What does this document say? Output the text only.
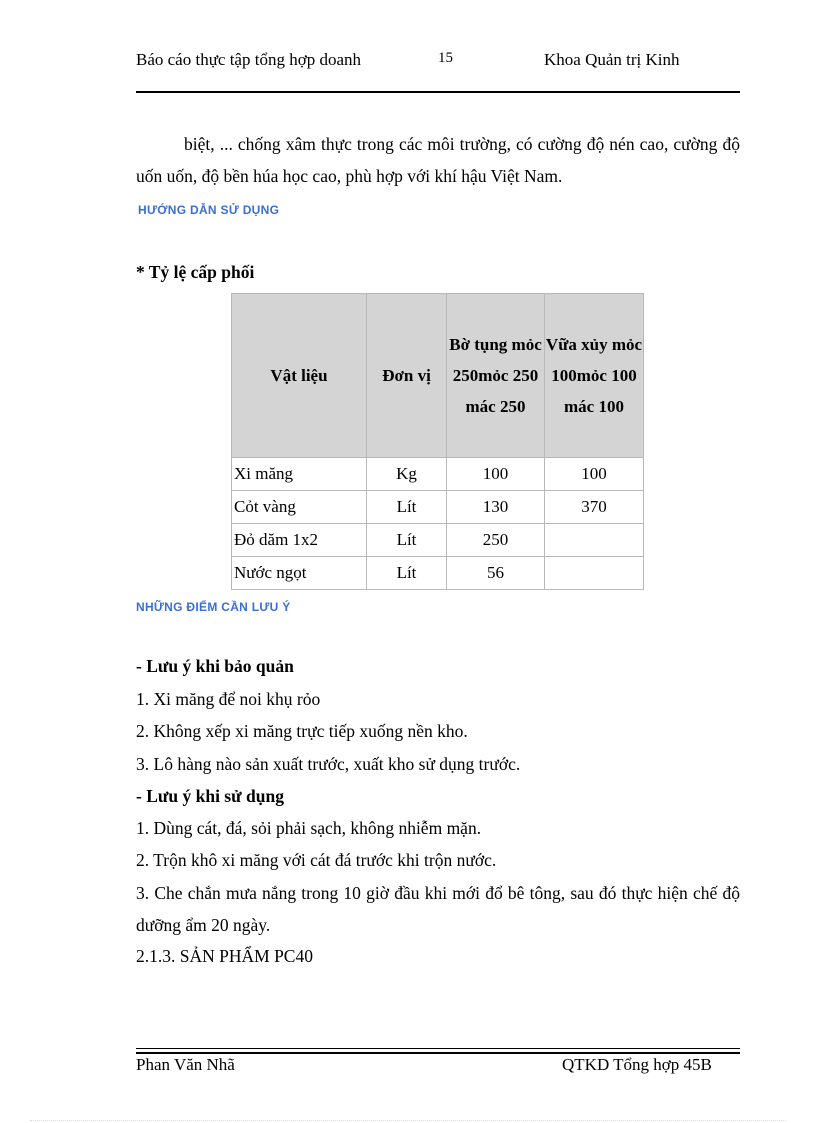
Báo cáo thực tập tổng hợp doanh	15	Khoa Quản trị Kinh
biệt, ... chống xâm thực trong các môi trường, có cường độ nén cao, cường độ uốn uốn, độ bền húa học cao, phù hợp với khí hậu Việt Nam.
HƯỚNG DẪN SỬ DỤNG
* Tỷ lệ cấp phối
Vật liệu	Đơn vị	Bờ tụng mỏc 250mỏc 250 mác 250	Vữa xủy mỏc 100mỏc 100 mác 100
Xi măng	Kg	100	100
Cỏt vàng	Lít	130	370
Đỏ dăm 1x2	Lít	250	
Nước ngọt	Lít	56	
NHỮNG ĐIỂM CẦN LƯU Ý
- Lưu ý khi bảo quản
1. Xi măng để noi khụ rỏo
2. Không xếp xi măng trực tiếp xuống nền kho.
3. Lô hàng nào sản xuất trước, xuất kho sử dụng trước.
- Lưu ý khi sử dụng
1. Dùng cát, đá, sỏi phải sạch, không nhiễm mặn.
2. Trộn khô xi măng với cát đá trước khi trộn nước.
3. Che chắn mưa nắng trong 10 giờ đầu khi mới đổ bê tông, sau đó thực hiện chế độ dưỡng ẩm 20 ngày.
2.1.3. SẢN PHẨM PC40
Phan Văn Nhã	QTKD Tổng hợp 45B
